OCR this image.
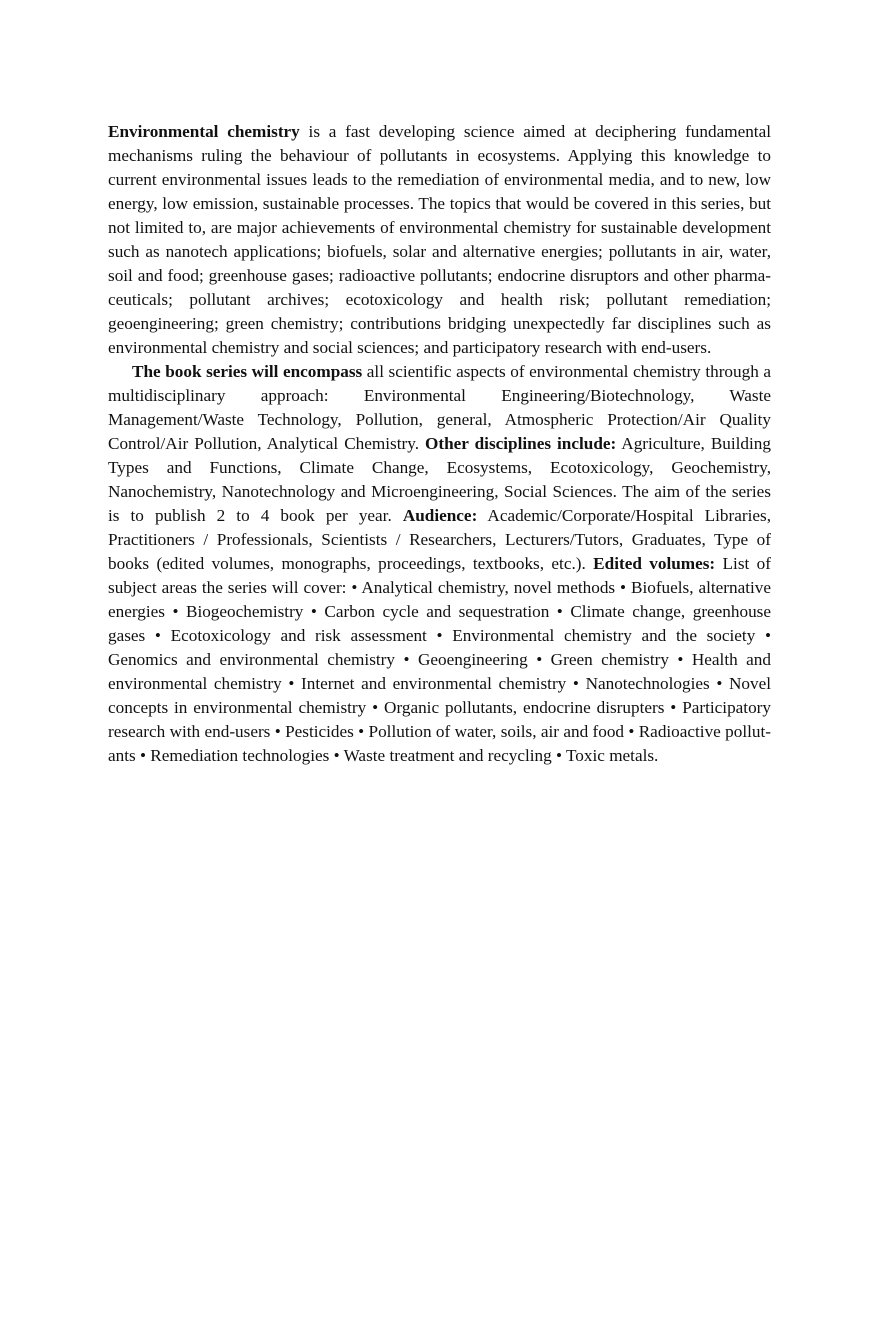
Environmental chemistry is a fast developing science aimed at deciphering fundamental mechanisms ruling the behaviour of pollutants in ecosystems. Applying this knowledge to current environmental issues leads to the remediation of environmental media, and to new, low energy, low emission, sustainable processes. The topics that would be covered in this series, but not limited to, are major achievements of environmental chemistry for sustainable development such as nanotech applications; biofuels, solar and alternative energies; pollutants in air, water, soil and food; greenhouse gases; radioactive pollutants; endocrine disruptors and other pharmaceuticals; pollutant archives; ecotoxicology and health risk; pollutant remediation; geoengineering; green chemistry; contributions bridging unexpectedly far disciplines such as environmental chemistry and social sciences; and participatory research with end-users.

The book series will encompass all scientific aspects of environmental chemistry through a multidisciplinary approach: Environmental Engineering/Biotechnology, Waste Management/Waste Technology, Pollution, general, Atmospheric Protection/Air Quality Control/Air Pollution, Analytical Chemistry. Other disciplines include: Agriculture, Building Types and Functions, Climate Change, Ecosystems, Ecotoxicology, Geochemistry, Nanochemistry, Nanotechnology and Microengineering, Social Sciences. The aim of the series is to publish 2 to 4 book per year. Audience: Academic/Corporate/Hospital Libraries, Practitioners / Professionals, Scientists / Researchers, Lecturers/Tutors, Graduates, Type of books (edited volumes, monographs, proceedings, textbooks, etc.). Edited volumes: List of subject areas the series will cover: • Analytical chemistry, novel methods • Biofuels, alternative energies • Biogeochemistry • Carbon cycle and sequestration • Climate change, greenhouse gases • Ecotoxicology and risk assessment • Environmental chemistry and the society • Genomics and environmental chemistry • Geoengineering • Green chemistry • Health and environmental chemistry • Internet and environmental chemistry • Nanotechnologies • Novel concepts in environmental chemistry • Organic pollutants, endocrine disrupters • Participatory research with end-users • Pesticides • Pollution of water, soils, air and food • Radioactive pollutants • Remediation technologies • Waste treatment and recycling • Toxic metals.
